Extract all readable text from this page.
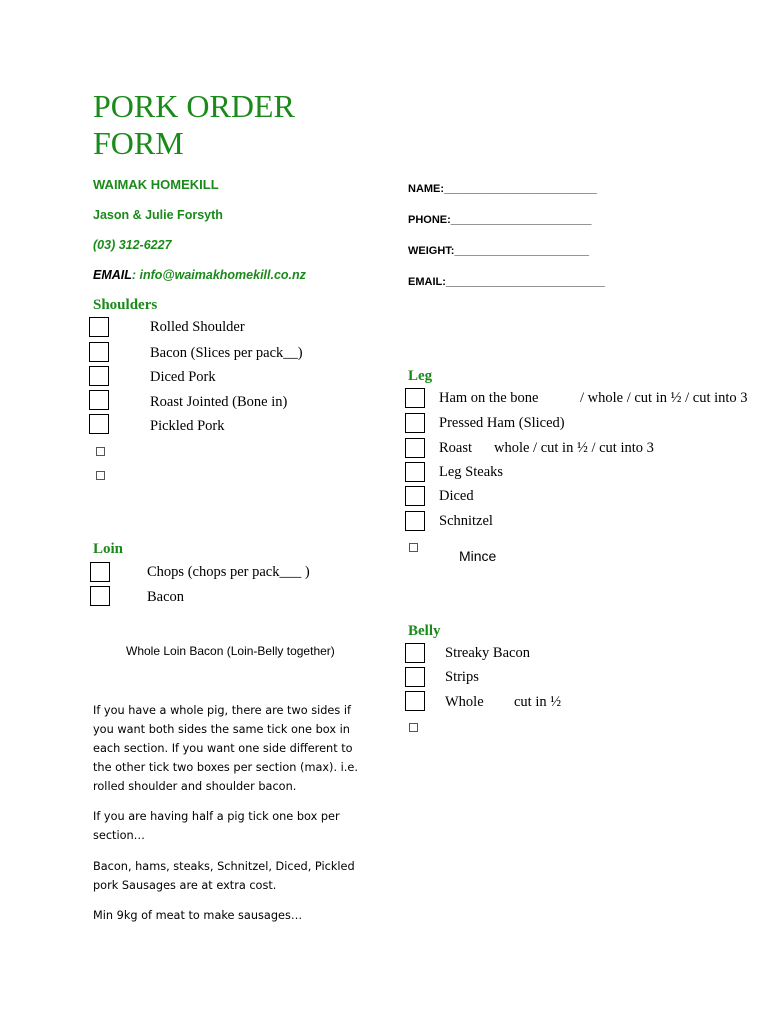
PORK ORDER
FORM
WAIMAK HOMEKILL
Jason & Julie Forsyth
(03) 312-6227
EMAIL: info@waimakhomekill.co.nz
NAME:_________________________
PHONE:_______________________
WEIGHT:______________________
EMAIL:__________________________
Shoulders
Rolled Shoulder
Bacon (Slices per pack__)
Diced Pork
Roast Jointed (Bone in)
Pickled Pork
Leg
Ham on the bone	/ whole / cut in ½ / cut into 3
Pressed Ham (Sliced)
Roast whole / cut in ½ / cut into 3
Leg Steaks
Diced
Schnitzel
Mince
Loin
Chops (chops per pack___ )
Bacon
Whole Loin Bacon (Loin-Belly together)
Belly
Streaky Bacon
Strips
Whole cut in ½
If you have a whole pig, there are two sides if you want both sides the same tick one box in each section. If you want one side different to the other tick two boxes per section (max). i.e. rolled shoulder and shoulder bacon.
If you are having half a pig tick one box per section…
Bacon, hams, steaks, Schnitzel, Diced, Pickled pork Sausages are at extra cost.
Min 9kg of meat to make sausages…
